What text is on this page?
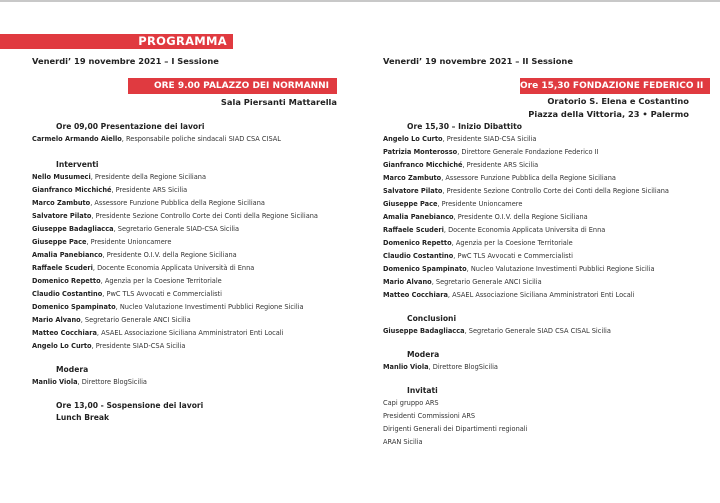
PROGRAMMA
Venerdi’ 19 novembre 2021 – I Sessione
ORE 9.00 PALAZZO DEI NORMANNI
Sala Piersanti Mattarella
Ore 09,00 Presentazione dei lavori
Carmelo Armando Aiello, Responsabile poliche sindacali SIAD CSA CISAL
Interventi
Nello Musumeci, Presidente della Regione Siciliana
Gianfranco Micchiché, Presidente ARS Sicilia
Marco Zambuto, Assessore Funzione Pubblica della Regione Siciliana
Salvatore Pilato, Presidente Sezione Controllo Corte dei Conti della Regione Siciliana
Giuseppe Badagliacca, Segretario Generale SIAD-CSA Sicilia
Giuseppe Pace, Presidente Unioncamere
Amalia Panebianco, Presidente O.I.V. della Regione Siciliana
Raffaele Scuderi, Docente Economia Applicata Università di Enna
Domenico Repetto, Agenzia per la Coesione Territoriale
Claudio Costantino, PwC TLS Avvocati e Commercialisti
Domenico Spampinato, Nucleo Valutazione Investimenti Pubblici Regione Sicilia
Mario Alvano, Segretario Generale ANCI Sicilia
Matteo Cocchiara, ASAEL Associazione Siciliana Amministratori Enti Locali
Angelo Lo Curto, Presidente SIAD-CSA Sicilia
Modera
Manlio Viola, Direttore BlogSicilia
Ore 13,00 - Sospensione dei lavori
Lunch Break
Venerdi’ 19 novembre 2021 – II Sessione
Ore 15,30 FONDAZIONE FEDERICO II
Oratorio S. Elena e Costantino
Piazza della Vittoria, 23 • Palermo
Ore 15,30 – Inizio Dibattito
Angelo Lo Curto, Presidente SIAD-CSA Sicilia
Patrizia Monterosso, Direttore Generale Fondazione Federico II
Gianfranco Micchiché, Presidente ARS Sicilia
Marco Zambuto, Assessore Funzione Pubblica della Regione Siciliana
Salvatore Pilato, Presidente Sezione Controllo Corte dei Conti della Regione Siciliana
Giuseppe Pace, Presidente Unioncamere
Amalia Panebianco, Presidente O.I.V. della Regione Siciliana
Raffaele Scuderi, Docente Economia Applicata Universita di Enna
Domenico Repetto, Agenzia per la Coesione Territoriale
Claudio Costantino, PwC TLS Avvocati e Commercialisti
Domenico Spampinato, Nucleo Valutazione Investimenti Pubblici Regione Sicilia
Mario Alvano, Segretario Generale ANCI Sicilia
Matteo Cocchiara, ASAEL Associazione Siciliana Amministratori Enti Locali
Conclusioni
Giuseppe Badagliacca, Segretario Generale SIAD CSA CISAL Sicilia
Modera
Manlio Viola, Direttore BlogSicilia
Invitati
Capi gruppo ARS
Presidenti Commissioni ARS
Dirigenti Generali dei Dipartimenti regionali
ARAN Sicilia
